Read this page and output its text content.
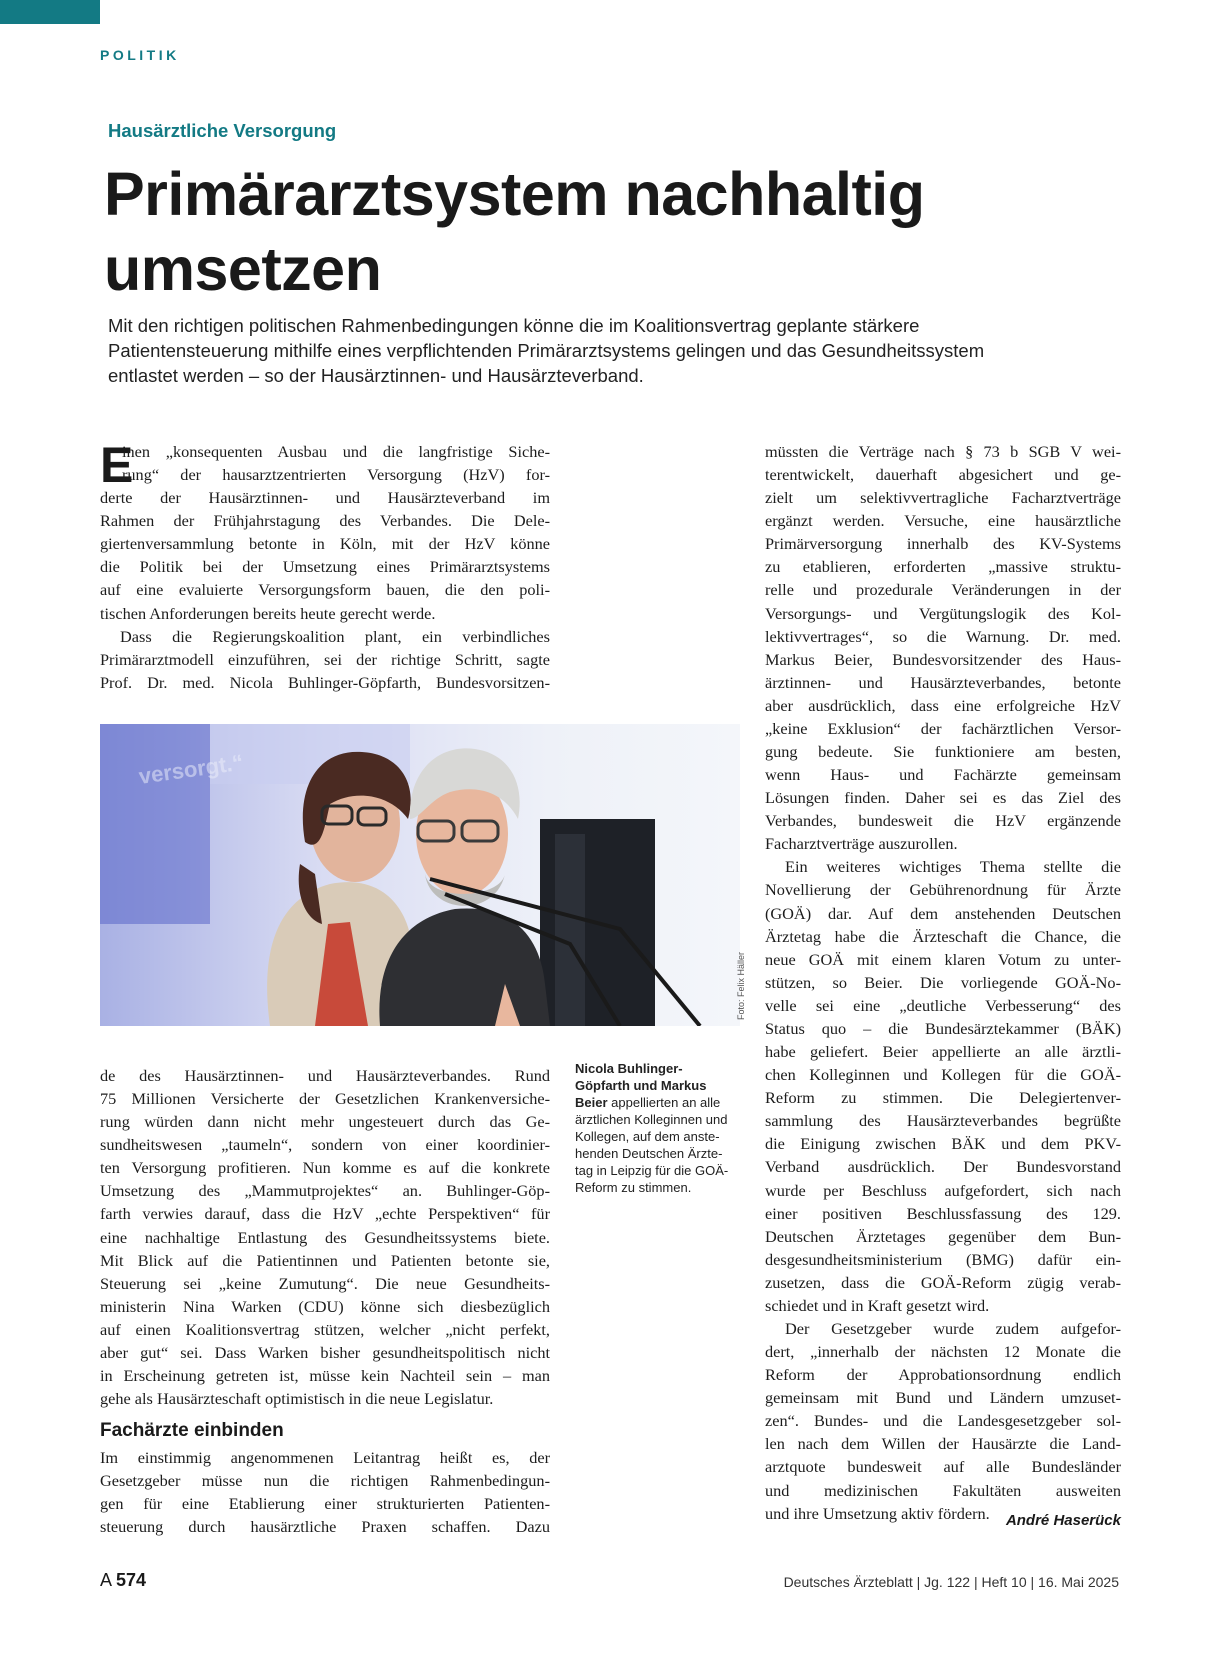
POLITIK
Hausärztliche Versorgung
Primärarztsystem nachhaltig
umsetzen
Mit den richtigen politischen Rahmenbedingungen könne die im Koalitionsvertrag geplante stärkere
Patientensteuerung mithilfe eines verpflichtenden Primärarztsystems gelingen und das Gesundheitssystem
entlastet werden – so der Hausärztinnen- und Hausärzteverband.
E
inen „konsequenten Ausbau und die langfristige Siche-
rung“ der hausarztzentrierten Versorgung (HzV) for-
derte der Hausärztinnen- und Hausärzteverband im
Rahmen der Frühjahrstagung des Verbandes. Die Dele-
giertenversammlung betonte in Köln, mit der HzV könne
die Politik bei der Umsetzung eines Primärarztsystems
auf eine evaluierte Versorgungsform bauen, die den poli-
tischen Anforderungen bereits heute gerecht werde.
Dass die Regierungskoalition plant, ein verbindliches
Primärarztmodell einzuführen, sei der richtige Schritt, sagte
Prof. Dr. med. Nicola Buhlinger-Göpfarth, Bundesvorsitzen-
versorgt.“
Foto: Felix Häller
Nicola Buhlinger-
Göpfarth und Markus
Beier appellierten an alle
ärztlichen Kolleginnen und
Kollegen, auf dem anste-
henden Deutschen Ärzte-
tag in Leipzig für die GOÄ-
Reform zu stimmen.
de des Hausärztinnen- und Hausärzteverbandes. Rund
75 Millionen Versicherte der Gesetzlichen Krankenversiche-
rung würden dann nicht mehr ungesteuert durch das Ge-
sundheitswesen „taumeln“, sondern von einer koordinier-
ten Versorgung profitieren. Nun komme es auf die konkrete
Umsetzung des „Mammutprojektes“ an. Buhlinger-Göp-
farth verwies darauf, dass die HzV „echte Perspektiven“ für
eine nachhaltige Entlastung des Gesundheitssystems biete.
Mit Blick auf die Patientinnen und Patienten betonte sie,
Steuerung sei „keine Zumutung“. Die neue Gesundheits-
ministerin Nina Warken (CDU) könne sich diesbezüglich
auf einen Koalitionsvertrag stützen, welcher „nicht perfekt,
aber gut“ sei. Dass Warken bisher gesundheitspolitisch nicht
in Erscheinung getreten ist, müsse kein Nachteil sein – man
gehe als Hausärzteschaft optimistisch in die neue Legislatur.
Fachärzte einbinden
Im einstimmig angenommenen Leitantrag heißt es, der
Gesetzgeber müsse nun die richtigen Rahmenbedingun-
gen für eine Etablierung einer strukturierten Patienten-
steuerung durch hausärztliche Praxen schaffen. Dazu
müssten die Verträge nach § 73 b SGB V wei-
terentwickelt, dauerhaft abgesichert und ge-
zielt um selektivvertragliche Facharztverträge
ergänzt werden. Versuche, eine hausärztliche
Primärversorgung innerhalb des KV-Systems
zu etablieren, erforderten „massive struktu-
relle und prozedurale Veränderungen in der
Versorgungs- und Vergütungslogik des Kol-
lektivvertrages“, so die Warnung. Dr. med.
Markus Beier, Bundesvorsitzender des Haus-
ärztinnen- und Hausärzteverbandes, betonte
aber ausdrücklich, dass eine erfolgreiche HzV
„keine Exklusion“ der fachärztlichen Versor-
gung bedeute. Sie funktioniere am besten,
wenn Haus- und Fachärzte gemeinsam
Lösungen finden. Daher sei es das Ziel des
Verbandes, bundesweit die HzV ergänzende
Facharztverträge auszurollen.
Ein weiteres wichtiges Thema stellte die
Novellierung der Gebührenordnung für Ärzte
(GOÄ) dar. Auf dem anstehenden Deutschen
Ärztetag habe die Ärzteschaft die Chance, die
neue GOÄ mit einem klaren Votum zu unter-
stützen, so Beier. Die vorliegende GOÄ-No-
velle sei eine „deutliche Verbesserung“ des
Status quo – die Bundesärztekammer (BÄK)
habe geliefert. Beier appellierte an alle ärztli-
chen Kolleginnen und Kollegen für die GOÄ-
Reform zu stimmen. Die Delegiertenver-
sammlung des Hausärzteverbandes begrüßte
die Einigung zwischen BÄK und dem PKV-
Verband ausdrücklich. Der Bundesvorstand
wurde per Beschluss aufgefordert, sich nach
einer positiven Beschlussfassung des 129.
Deutschen Ärztetages gegenüber dem Bun-
desgesundheitsministerium (BMG) dafür ein-
zusetzen, dass die GOÄ-Reform zügig verab-
schiedet und in Kraft gesetzt wird.
Der Gesetzgeber wurde zudem aufgefor-
dert, „innerhalb der nächsten 12 Monate die
Reform der Approbationsordnung endlich
gemeinsam mit Bund und Ländern umzuset-
zen“. Bundes- und die Landesgesetzgeber sol-
len nach dem Willen der Hausärzte die Land-
arztquote bundesweit auf alle Bundesländer
und medizinischen Fakultäten ausweiten
und ihre Umsetzung aktiv fördern.	André Haserück
A 574	Deutsches Ärzteblatt | Jg. 122 | Heft 10 | 16. Mai 2025
